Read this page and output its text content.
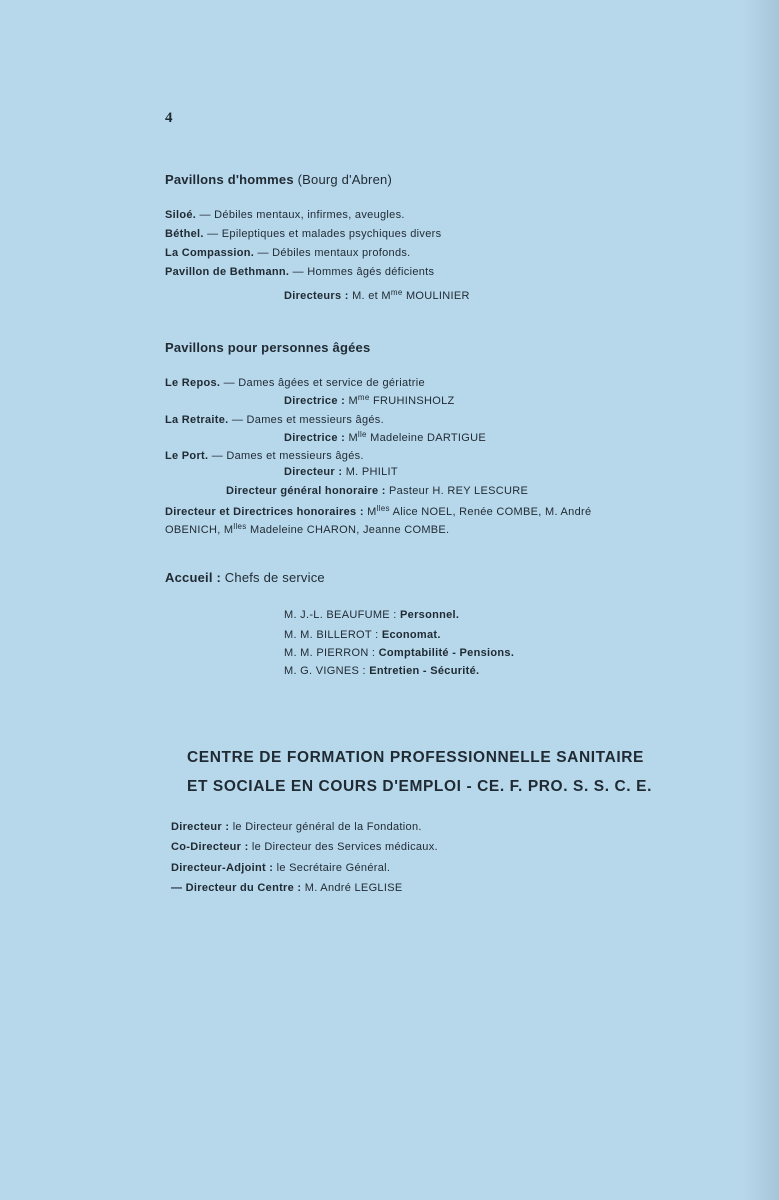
4
Pavillons d'hommes (Bourg d'Abren)
Siloé. — Débiles mentaux, infirmes, aveugles.
Béthel. — Epileptiques et malades psychiques divers
La Compassion. — Débiles mentaux profonds.
Pavillon de Bethmann. — Hommes âgés déficients
Directeurs : M. et $M^{me}$ MOULINIER
Pavillons pour personnes âgées
Le Repos. — Dames âgées et service de gériatrie
Directrice : $M^{me}$ FRUHINSHOLZ
La Retraite. — Dames et messieurs âgés.
Directrice : $M^{lle}$ Madeleine DARTIGUE
Le Port. — Dames et messieurs âgés.
Directeur : M. PHILIT
Directeur général honoraire : Pasteur H. REY LESCURE
Directeur et Directrices honoraires : $M^{lles}$ Alice NOEL, Renée COMBE, M. André
OBENICH, $M^{lles}$ Madeleine CHARON, Jeanne COMBE.
Accueil : Chefs de service
M. J.-L. BEAUFUME : Personnel.
M. M. BILLEROT : Economat.
M. M. PIERRON : Comptabilité - Pensions.
M. G. VIGNES : Entretien - Sécurité.
CENTRE DE FORMATION PROFESSIONNELLE SANITAIRE
ET SOCIALE EN COURS D'EMPLOI - CE. F. PRO. S. S. C. E.
Directeur : le Directeur général de la Fondation.
Co-Directeur : le Directeur des Services médicaux.
Directeur-Adjoint : le Secrétaire Général.
— Directeur du Centre : M. André LEGLISE
